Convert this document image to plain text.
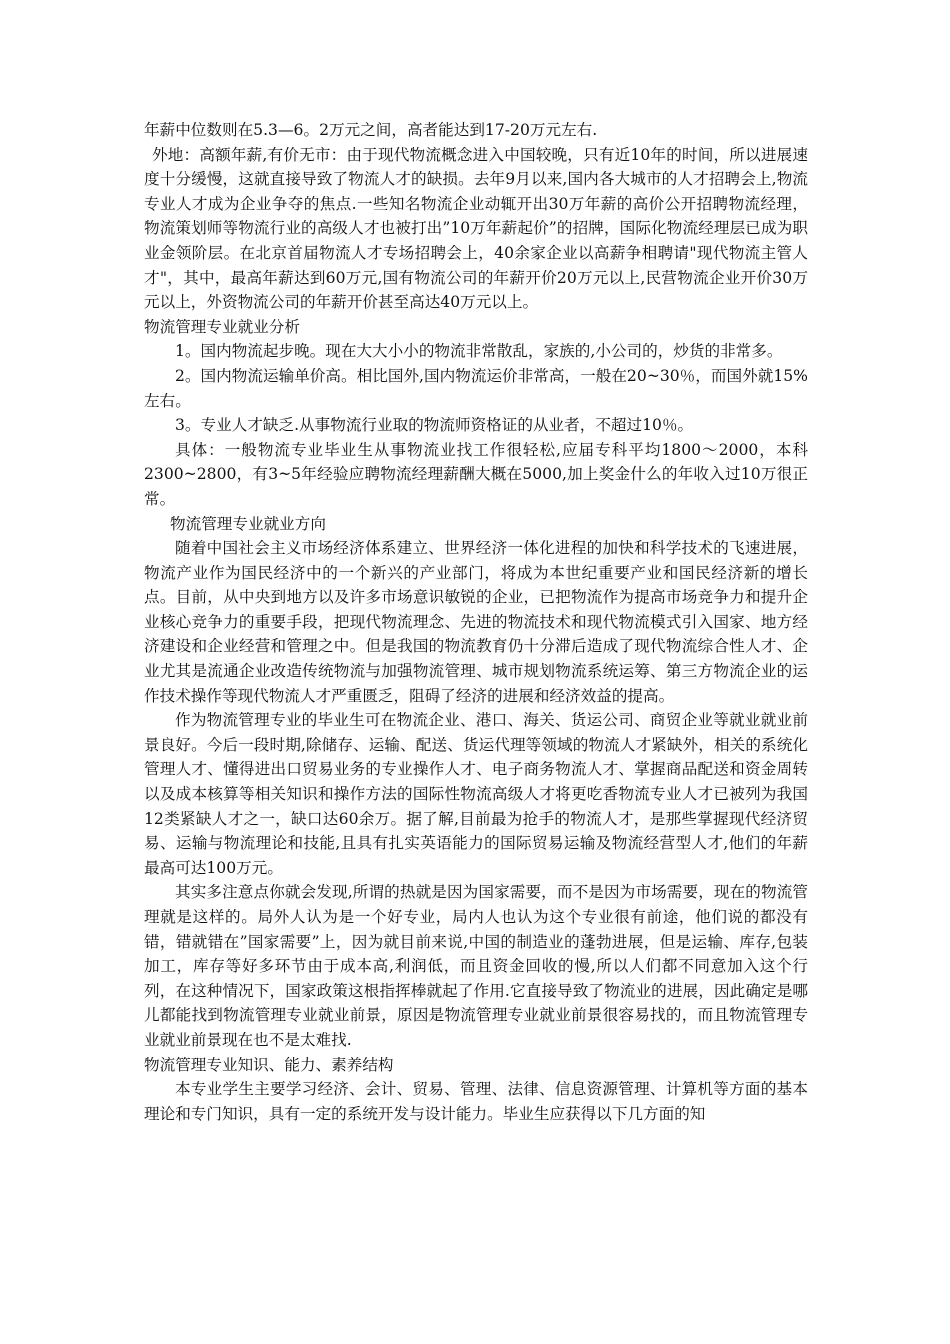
年薪中位数则在5.3—6。2万元之间，高者能达到17-20万元左右.

外地：高额年薪,有价无市：由于现代物流概念进入中国较晚，只有近10年的时间，所以进展速度十分缓慢，这就直接导致了物流人才的缺损。去年9月以来,国内各大城市的人才招聘会上,物流专业人才成为企业争夺的焦点.一些知名物流企业动辄开出30万年薪的高价公开招聘物流经理，物流策划师等物流行业的高级人才也被打出”10万年薪起价”的招牌，国际化物流经理层已成为职业金领阶层。在北京首届物流人才专场招聘会上，40余家企业以高薪争相聘请"现代物流主管人才"，其中，最高年薪达到60万元,国有物流公司的年薪开价20万元以上,民营物流企业开价30万元以上，外资物流公司的年薪开价甚至高达40万元以上。

物流管理专业就业分析

1。国内物流起步晚。现在大大小小的物流非常散乱，家族的,小公司的，炒货的非常多。

2。国内物流运输单价高。相比国外,国内物流运价非常高，一般在20~30％，而国外就15%左右。

3。专业人才缺乏.从事物流行业取的物流师资格证的从业者，不超过10％。

具体：一般物流专业毕业生从事物流业找工作很轻松,应届专科平均1800～2000，本科2300~2800，有3~5年经验应聘物流经理薪酬大概在5000,加上奖金什么的年收入过10万很正常。

物流管理专业就业方向

随着中国社会主义市场经济体系建立、世界经济一体化进程的加快和科学技术的飞速进展，物流产业作为国民经济中的一个新兴的产业部门，将成为本世纪重要产业和国民经济新的增长点。目前，从中央到地方以及许多市场意识敏锐的企业，已把物流作为提高市场竞争力和提升企业核心竞争力的重要手段，把现代物流理念、先进的物流技术和现代物流模式引入国家、地方经济建设和企业经营和管理之中。但是我国的物流教育仍十分滞后造成了现代物流综合性人才、企业尤其是流通企业改造传统物流与加强物流管理、城市规划物流系统运筹、第三方物流企业的运作技术操作等现代物流人才严重匮乏，阻碍了经济的进展和经济效益的提高。

作为物流管理专业的毕业生可在物流企业、港口、海关、货运公司、商贸企业等就业就业前景良好。今后一段时期,除储存、运输、配送、货运代理等领域的物流人才紧缺外，相关的系统化管理人才、懂得进出口贸易业务的专业操作人才、电子商务物流人才、掌握商品配送和资金周转以及成本核算等相关知识和操作方法的国际性物流高级人才将更吃香物流专业人才已被列为我国12类紧缺人才之一，缺口达60余万。据了解,目前最为抢手的物流人才，是那些掌握现代经济贸易、运输与物流理论和技能,且具有扎实英语能力的国际贸易运输及物流经营型人才,他们的年薪最高可达100万元。

其实多注意点你就会发现,所谓的热就是因为国家需要，而不是因为市场需要，现在的物流管理就是这样的。局外人认为是一个好专业，局内人也认为这个专业很有前途，他们说的都没有错，错就错在”国家需要”上，因为就目前来说,中国的制造业的蓬勃进展，但是运输、库存,包装加工，库存等好多环节由于成本高,利润低，而且资金回收的慢,所以人们都不同意加入这个行列，在这种情况下，国家政策这根指挥棒就起了作用.它直接导致了物流业的进展，因此确定是哪儿都能找到物流管理专业就业前景，原因是物流管理专业就业前景很容易找的，而且物流管理专业就业前景现在也不是太难找.

物流管理专业知识、能力、素养结构

本专业学生主要学习经济、会计、贸易、管理、法律、信息资源管理、计算机等方面的基本理论和专门知识，具有一定的系统开发与设计能力。毕业生应获得以下几方面的知
